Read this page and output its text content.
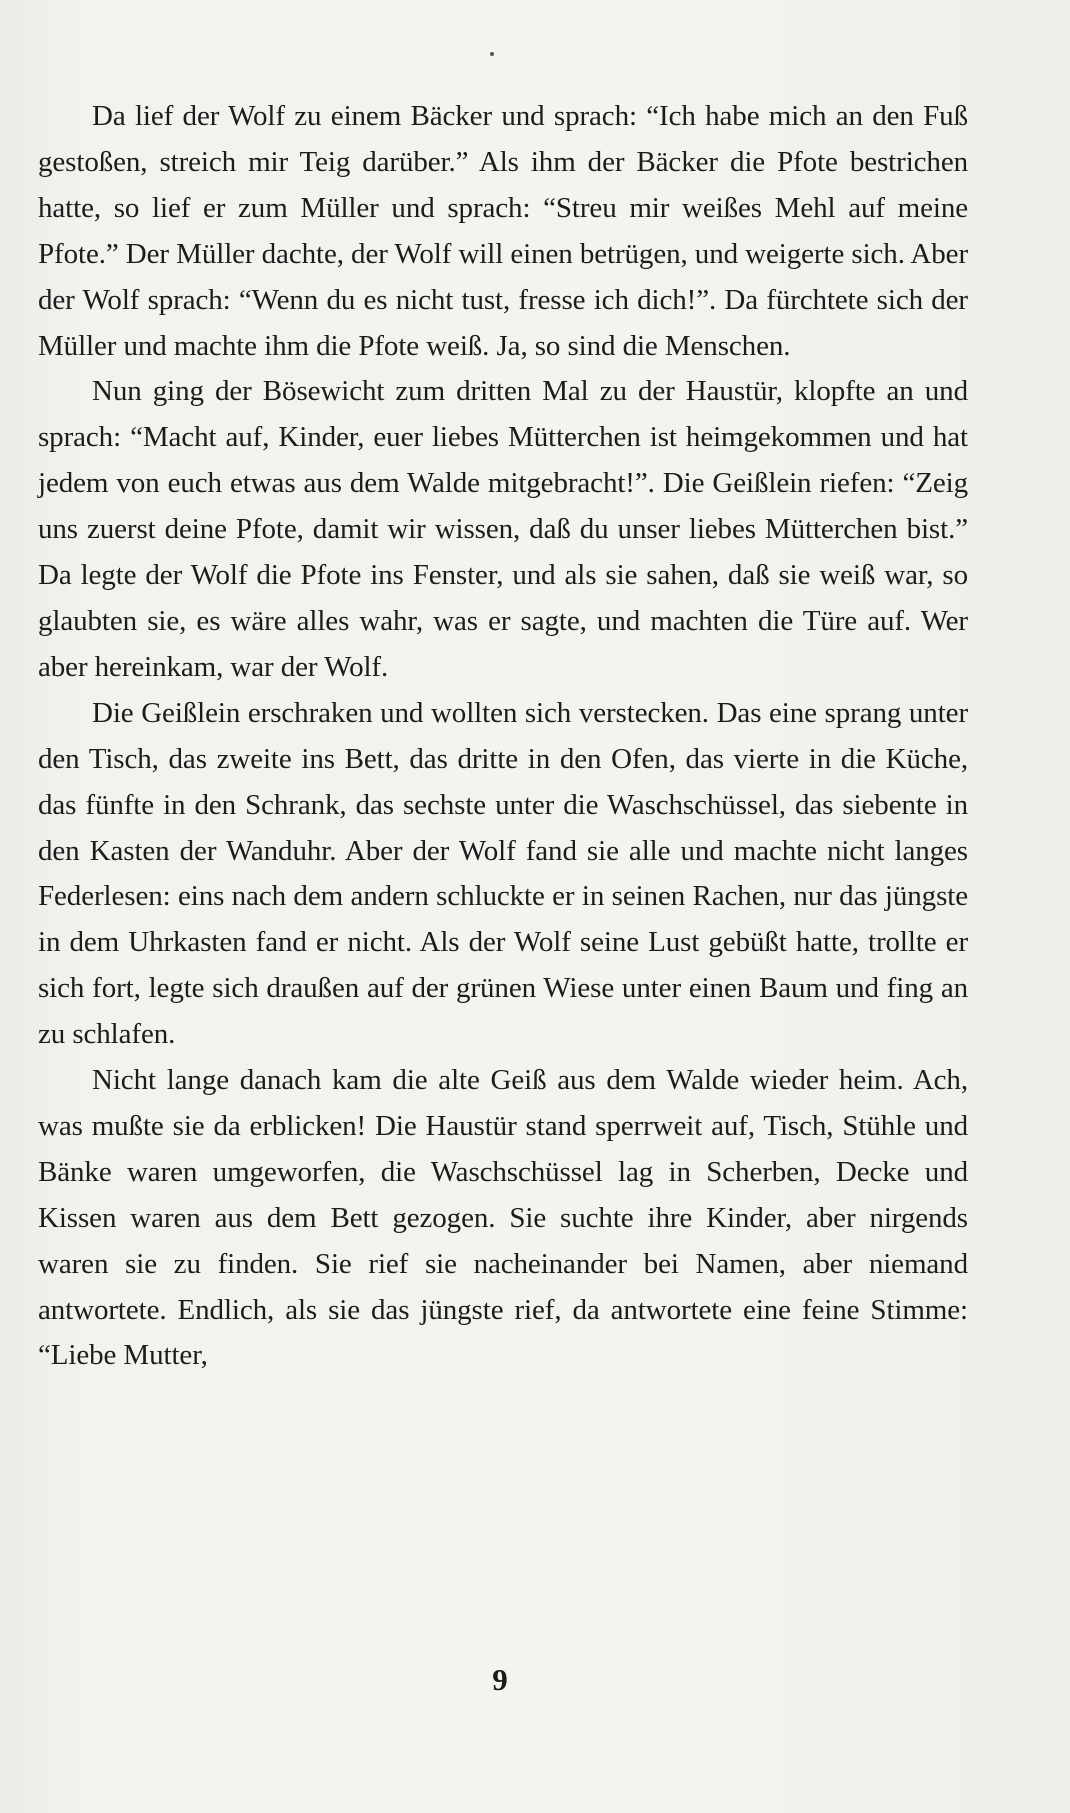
Da lief der Wolf zu einem Bäcker und sprach: “Ich habe mich an den Fuß gestoßen, streich mir Teig darüber.” Als ihm der Bäcker die Pfote bestrichen hatte, so lief er zum Müller und sprach: “Streu mir weißes Mehl auf meine Pfote.” Der Müller dachte, der Wolf will einen betrügen, und weigerte sich. Aber der Wolf sprach: “Wenn du es nicht tust, fresse ich dich!”. Da fürchtete sich der Müller und machte ihm die Pfote weiß. Ja, so sind die Menschen.

Nun ging der Bösewicht zum dritten Mal zu der Haustür, klopfte an und sprach: “Macht auf, Kinder, euer liebes Mütterchen ist heimgekommen und hat jedem von euch etwas aus dem Walde mitgebracht!”. Die Geißlein riefen: “Zeig uns zuerst deine Pfote, damit wir wissen, daß du unser liebes Mütterchen bist.” Da legte der Wolf die Pfote ins Fenster, und als sie sahen, daß sie weiß war, so glaubten sie, es wäre alles wahr, was er sagte, und machten die Türe auf. Wer aber hereinkam, war der Wolf.

Die Geißlein erschraken und wollten sich verstecken. Das eine sprang unter den Tisch, das zweite ins Bett, das dritte in den Ofen, das vierte in die Küche, das fünfte in den Schrank, das sechste unter die Waschschüssel, das siebente in den Kasten der Wanduhr. Aber der Wolf fand sie alle und machte nicht langes Federlesen: eins nach dem andern schluckte er in seinen Rachen, nur das jüngste in dem Uhrkasten fand er nicht. Als der Wolf seine Lust gebüßt hatte, trollte er sich fort, legte sich draußen auf der grünen Wiese unter einen Baum und fing an zu schlafen.

Nicht lange danach kam die alte Geiß aus dem Walde wieder heim. Ach, was mußte sie da erblicken! Die Haustür stand sperrweit auf, Tisch, Stühle und Bänke waren umgeworfen, die Waschschüssel lag in Scherben, Decke und Kissen waren aus dem Bett gezogen. Sie suchte ihre Kinder, aber nirgends waren sie zu finden. Sie rief sie nacheinander bei Namen, aber niemand antwortete. Endlich, als sie das jüngste rief, da antwortete eine feine Stimme: “Liebe Mutter,

9
